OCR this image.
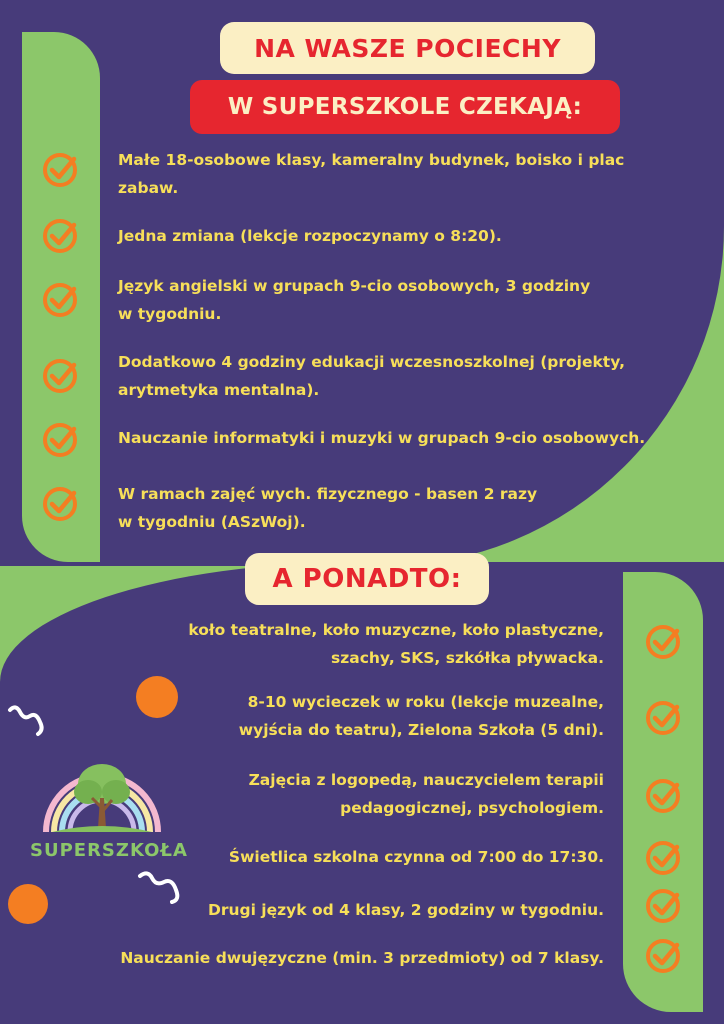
NA WASZE POCIECHY
W SUPERSZKOLE CZEKAJĄ:
Małe 18-osobowe klasy, kameralny budynek, boisko i plac
zabaw.
Jedna zmiana (lekcje rozpoczynamy o 8:20).
Język angielski w grupach 9-cio osobowych, 3 godziny
w tygodniu.
Dodatkowo 4 godziny edukacji wczesnoszkolnej (projekty,
arytmetyka mentalna).
Nauczanie informatyki i muzyki w grupach 9-cio osobowych.
W ramach zajęć wych. fizycznego - basen 2 razy
w tygodniu (ASzWoj).
A PONADTO:
koło teatralne, koło muzyczne, koło plastyczne,
szachy, SKS, szkółka pływacka.
8-10 wycieczek w roku (lekcje muzealne,
wyjścia do teatru), Zielona Szkoła (5 dni).
Zajęcia z logopedą, nauczycielem terapii
pedagogicznej, psychologiem.
Świetlica szkolna czynna od 7:00 do 17:30.
Drugi język od 4 klasy, 2 godziny w tygodniu.
Nauczanie dwujęzyczne (min. 3 przedmioty) od 7 klasy.
SUPERSZKOŁA
